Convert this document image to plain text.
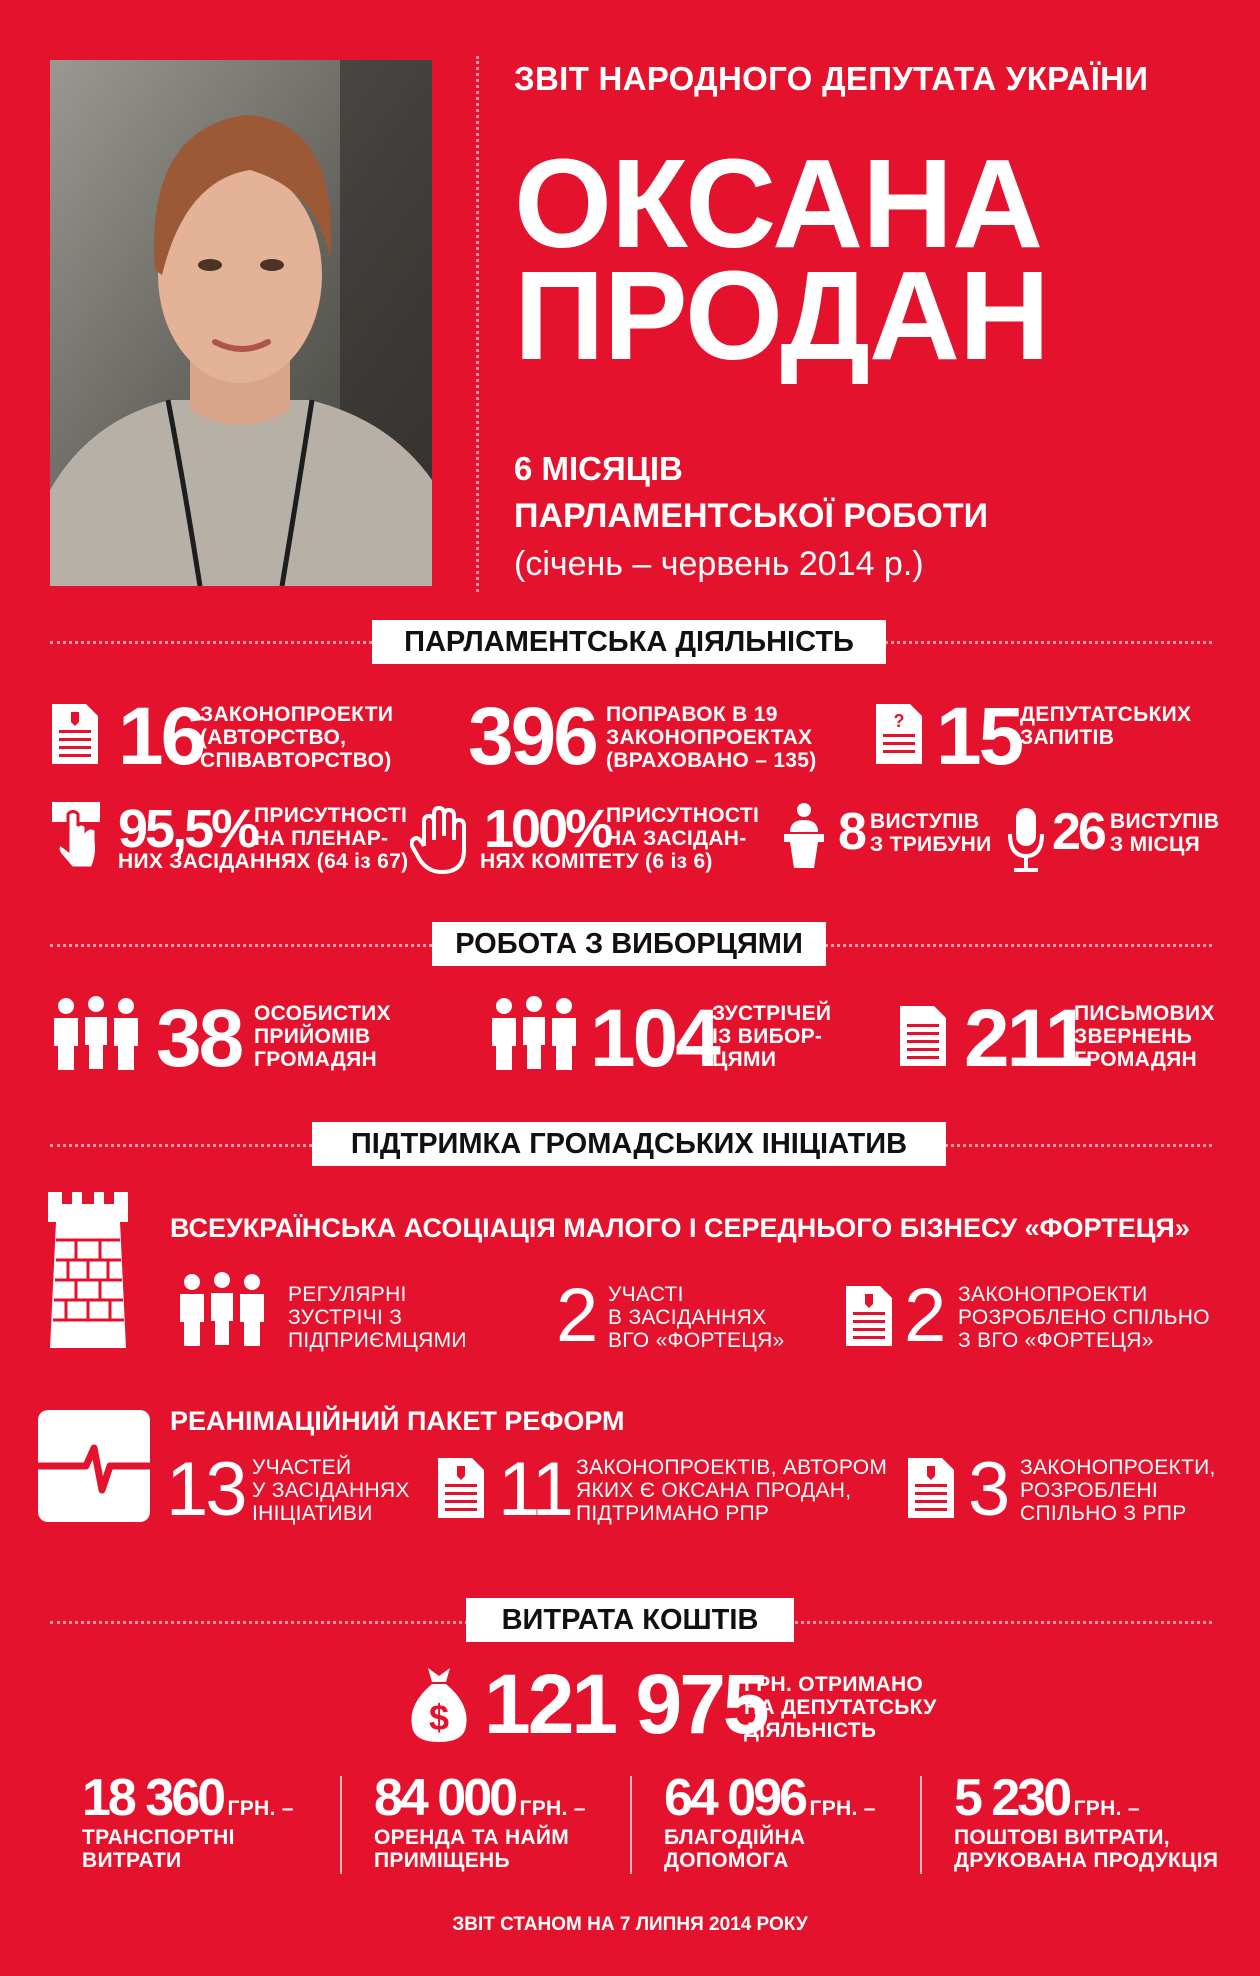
ЗВІТ НАРОДНОГО ДЕПУТАТА УКРАЇНИ
ОКСАНА
ПРОДАН
6 МІСЯЦІВ
ПАРЛАМЕНТСЬКОЇ РОБОТИ
(січень – червень 2014 р.)
ПАРЛАМЕНТСЬКА ДІЯЛЬНІСТЬ
16
ЗАКОНОПРОЕКТИ
(АВТОРСТВО,
СПІВАВТОРСТВО) 396 ПОПРАВОК В 19
ЗАКОНОПРОЕКТАХ
(ВРАХОВАНО – 135)
? 15
ДЕПУТАТСЬКИХ
ЗАПИТІВ
95,5%
ПРИСУТНОСТІ
НА ПЛЕНАР-
НИХ ЗАСІДАННЯХ (64 із 67)
100%
ПРИСУТНОСТІ
НА ЗАСІДАН-
НЯХ КОМІТЕТУ (6 із 6)
8 ВИСТУПІВ
З ТРИБУНИ 26 ВИСТУПІВ
З МІСЦЯ
РОБОТА З ВИБОРЦЯМИ
38 ОСОБИСТИХ
ПРИЙОМІВ
ГРОМАДЯН	104
ЗУСТРІЧЕЙ
ІЗ ВИБОР-
ЦЯМИ	211
ПИСЬМОВИХ
ЗВЕРНЕНЬ
ГРОМАДЯН
ПІДТРИМКА ГРОМАДСЬКИХ ІНІЦІАТИВ
ВСЕУКРАЇНСЬКА АСОЦІАЦІЯ МАЛОГО І СЕРЕДНЬОГО БІЗНЕСУ «ФОРТЕЦЯ»
РЕГУЛЯРНІ
ЗУСТРІЧІ З
ПІДПРИЄМЦЯМИ 2 УЧАСТІ
В ЗАСІДАННЯХ
ВГО «ФОРТЕЦЯ» 2 ЗАКОНОПРОЕКТИ
РОЗРОБЛЕНО СПІЛЬНО
З ВГО «ФОРТЕЦЯ»
РЕАНІМАЦІЙНИЙ ПАКЕТ РЕФОРМ
13 УЧАСТЕЙ
У ЗАСІДАННЯХ
ІНІЦІАТИВИ	11 ЗАКОНОПРОЕКТІВ, АВТОРОМ
ЯКИХ Є ОКСАНА ПРОДАН,
ПІДТРИМАНО РПР	3 ЗАКОНОПРОЕКТИ,
РОЗРОБЛЕНІ
СПІЛЬНО З РПР
ВИТРАТА КОШТІВ
$ 121 975
ГРН. ОТРИМАНО
НА ДЕПУТАТСЬКУ
ДІЯЛЬНІСТЬ
18 360 ГРН. –
ТРАНСПОРТНІ
ВИТРАТИ
84 000 ГРН. –
ОРЕНДА ТА НАЙМ
ПРИМІЩЕНЬ
64 096 ГРН. –
БЛАГОДІЙНА
ДОПОМОГА
5 230 ГРН. –
ПОШТОВІ ВИТРАТИ,
ДРУКОВАНА ПРОДУКЦІЯ
ЗВІТ СТАНОМ НА 7 ЛИПНЯ 2014 РОКУ
